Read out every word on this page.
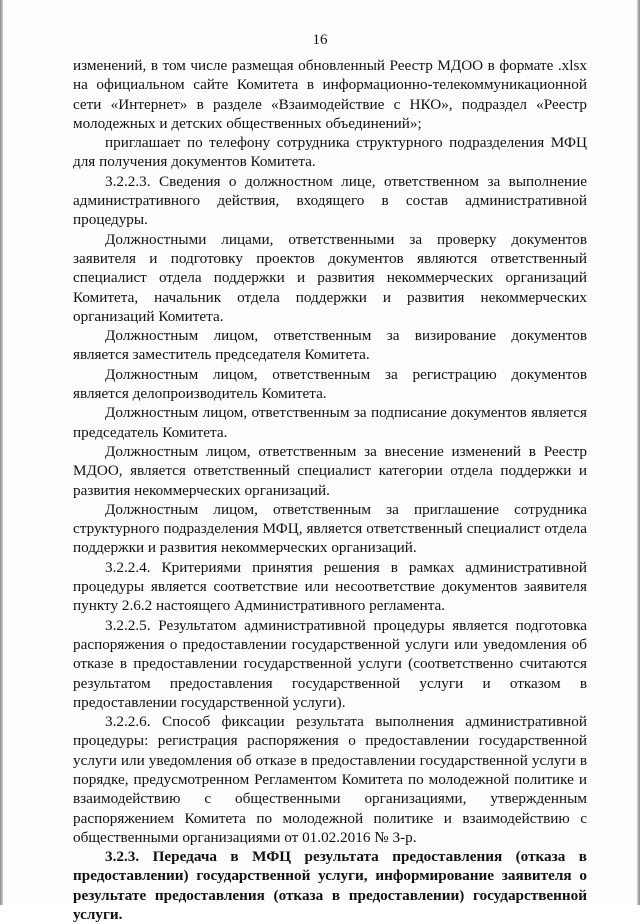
16

изменений, в том числе размещая обновленный Реестр МДОО в формате .xlsx на официальном сайте Комитета в информационно-телекоммуникационной сети «Интернет» в разделе «Взаимодействие с НКО», подраздел «Реестр молодежных и детских общественных объединений»;

приглашает по телефону сотрудника структурного подразделения МФЦ для получения документов Комитета.

3.2.2.3. Сведения о должностном лице, ответственном за выполнение административного действия, входящего в состав административной процедуры.

Должностными лицами, ответственными за проверку документов заявителя и подготовку проектов документов являются ответственный специалист отдела поддержки и развития некоммерческих организаций Комитета, начальник отдела поддержки и развития некоммерческих организаций Комитета.

Должностным лицом, ответственным за визирование документов является заместитель председателя Комитета.

Должностным лицом, ответственным за регистрацию документов является делопроизводитель Комитета.

Должностным лицом, ответственным за подписание документов является председатель Комитета.

Должностным лицом, ответственным за внесение изменений в Реестр МДОО, является ответственный специалист категории отдела поддержки и развития некоммерческих организаций.

Должностным лицом, ответственным за приглашение сотрудника структурного подразделения МФЦ, является ответственный специалист отдела поддержки и развития некоммерческих организаций.

3.2.2.4. Критериями принятия решения в рамках административной процедуры является соответствие или несоответствие документов заявителя пункту 2.6.2 настоящего Административного регламента.

3.2.2.5. Результатом административной процедуры является подготовка распоряжения о предоставлении государственной услуги или уведомления об отказе в предоставлении государственной услуги (соответственно считаются результатом предоставления государственной услуги и отказом в предоставлении государственной услуги).

3.2.2.6. Способ фиксации результата выполнения административной процедуры: регистрация распоряжения о предоставлении государственной услуги или уведомления об отказе в предоставлении государственной услуги в порядке, предусмотренном Регламентом Комитета по молодежной политике и взаимодействию с общественными организациями, утвержденным распоряжением Комитета по молодежной политике и взаимодействию с общественными организациями от 01.02.2016 № 3-р.

3.2.3. Передача в МФЦ результата предоставления (отказа в предоставлении) государственной услуги, информирование заявителя о результате предоставления (отказа в предоставлении) государственной услуги.
